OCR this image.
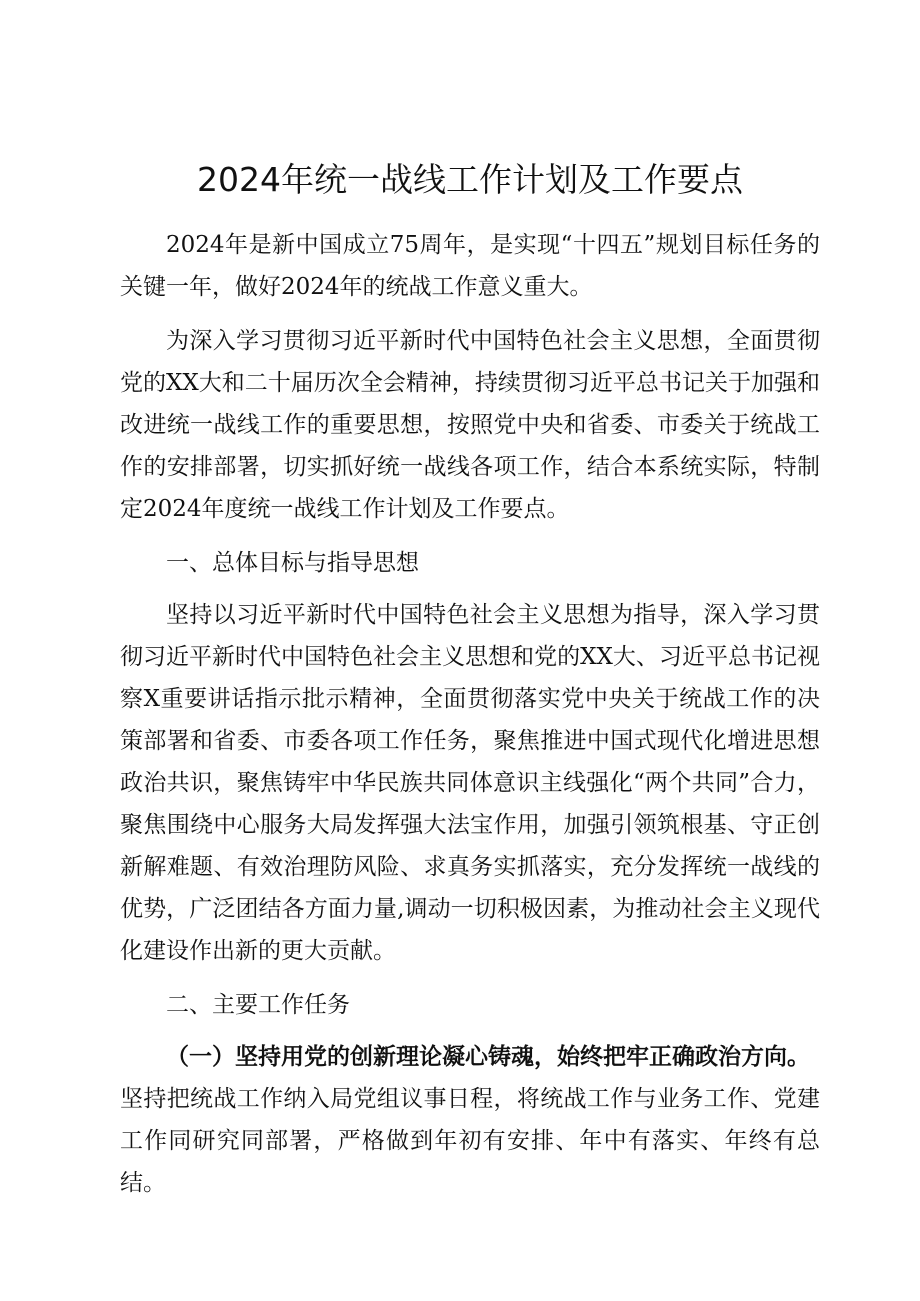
2024年统一战线工作计划及工作要点

2024年是新中国成立75周年，是实现“十四五”规划目标任务的关键一年，做好2024年的统战工作意义重大。

为深入学习贯彻习近平新时代中国特色社会主义思想，全面贯彻党的XX大和二十届历次全会精神，持续贯彻习近平总书记关于加强和改进统一战线工作的重要思想，按照党中央和省委、市委关于统战工作的安排部署，切实抓好统一战线各项工作，结合本系统实际，特制定2024年度统一战线工作计划及工作要点。

一、总体目标与指导思想

坚持以习近平新时代中国特色社会主义思想为指导，深入学习贯彻习近平新时代中国特色社会主义思想和党的XX大、习近平总书记视察X重要讲话指示批示精神，全面贯彻落实党中央关于统战工作的决策部署和省委、市委各项工作任务，聚焦推进中国式现代化增进思想政治共识，聚焦铸牢中华民族共同体意识主线强化“两个共同”合力，聚焦围绕中心服务大局发挥强大法宝作用，加强引领筑根基、守正创新解难题、有效治理防风险、求真务实抓落实，充分发挥统一战线的优势，广泛团结各方面力量,调动一切积极因素，为推动社会主义现代化建设作出新的更大贡献。

二、主要工作任务

（一）坚持用党的创新理论凝心铸魂，始终把牢正确政治方向。

坚持把统战工作纳入局党组议事日程，将统战工作与业务工作、党建工作同研究同部署，严格做到年初有安排、年中有落实、年终有总结。
